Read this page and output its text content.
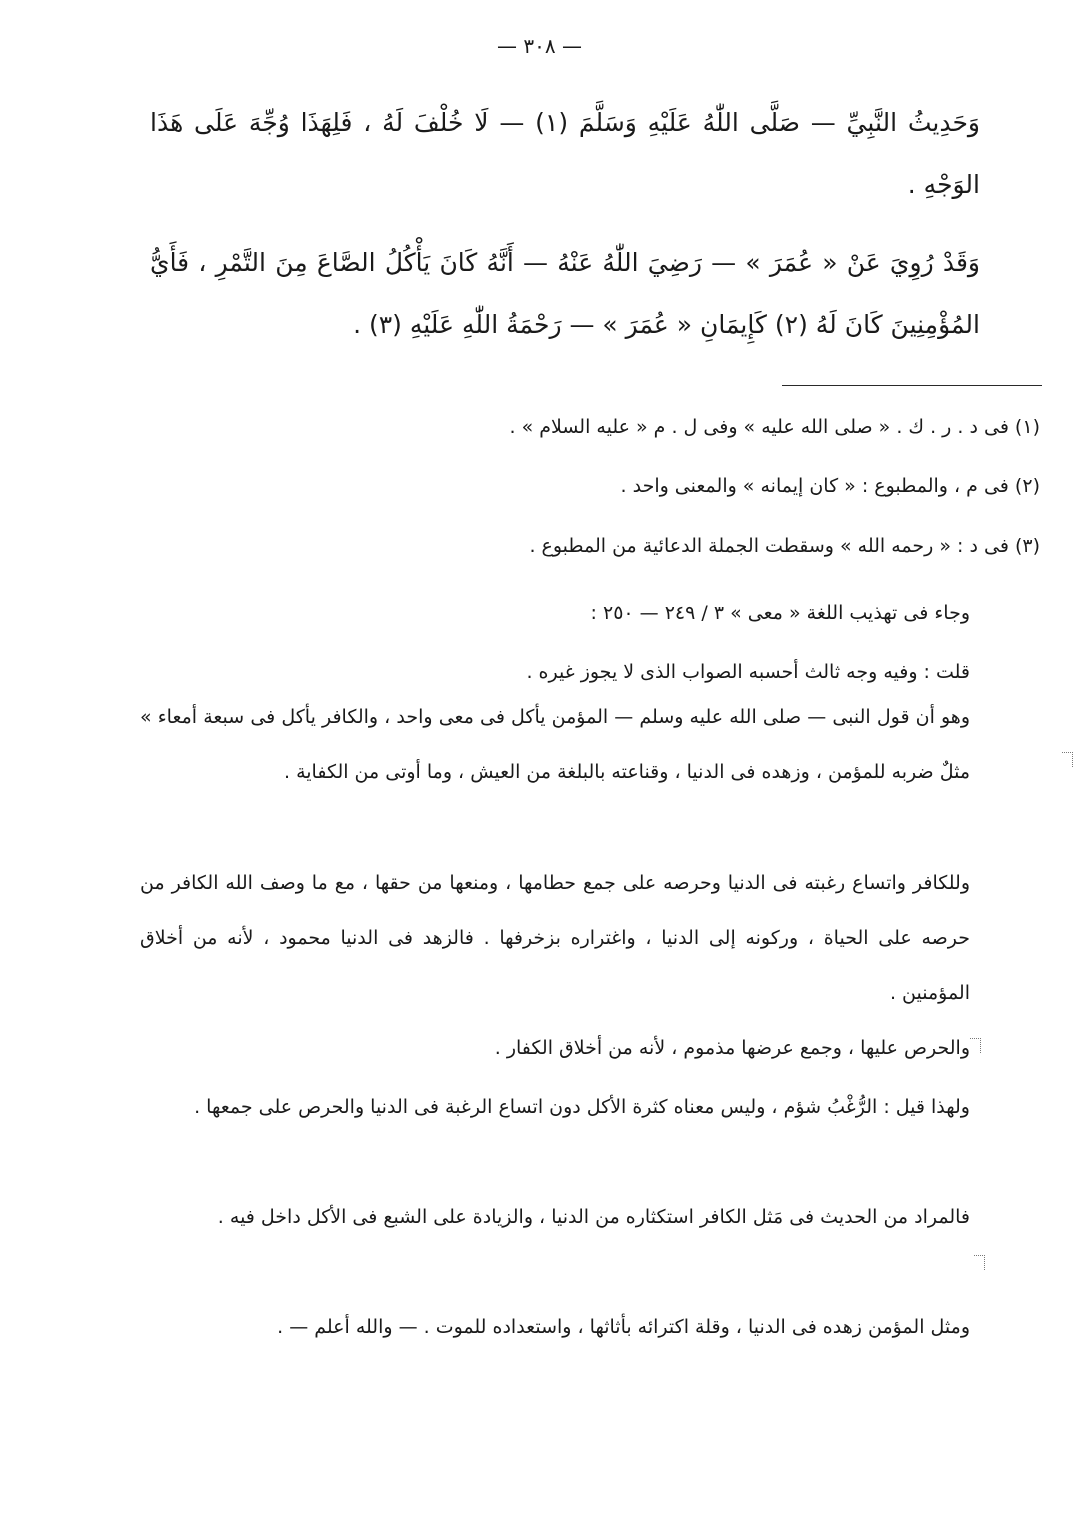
— ٣٠٨ —
وَحَدِيثُ النَّبِيِّ — صَلَّى اللّٰهُ عَلَيْهِ وَسَلَّمَ (١) — لَا خُلْفَ لَهُ ، فَلِهَذَا وُجِّهَ عَلَى هَذَا الوَجْهِ .
وَقَدْ رُوِيَ عَنْ « عُمَرَ » — رَضِيَ اللّٰهُ عَنْهُ — أَنَّهُ كَانَ يَأْكُلُ الصَّاعَ مِنَ التَّمْرِ ، فَأَيُّ المُؤْمِنِينَ كَانَ لَهُ (٢) كَإِيمَانِ « عُمَرَ » — رَحْمَةُ اللّٰهِ عَلَيْهِ (٣) .
(١) فى د . ر . ك . « صلى الله عليه » وفى ل . م « عليه السلام » .
(٢) فى م ، والمطبوع : « كان إيمانه » والمعنى واحد .
(٣) فى د : « رحمه الله » وسقطت الجملة الدعائية من المطبوع .
وجاء فى تهذيب اللغة « معى » ٣ / ٢٤٩ — ٢٥٠ :
قلت : وفيه وجه ثالث أحسبه الصواب الذى لا يجوز غيره .
وهو أن قول النبى — صلى الله عليه وسلم — المؤمن يأكل فى معى واحد ، والكافر يأكل فى سبعة أمعاء » مثلٌ ضربه للمؤمن ، وزهده فى الدنيا ، وقناعته بالبلغة من العيش ، وما أوتى من الكفاية .
وللكافر واتساع رغبته فى الدنيا وحرصه على جمع حطامها ، ومنعها من حقها ، مع ما وصف الله الكافر من حرصه على الحياة ، وركونه إلى الدنيا ، واغتراره بزخرفها . فالزهد فى الدنيا محمود ، لأنه من أخلاق المؤمنين .
والحرص عليها ، وجمع عرضها مذموم ، لأنه من أخلاق الكفار .
ولهذا قيل : الرُّغْبُ شؤم ، وليس معناه كثرة الأكل دون اتساع الرغبة فى الدنيا والحرص على جمعها .
فالمراد من الحديث فى مَثل الكافر استكثاره من الدنيا ، والزيادة على الشبع فى الأكل داخل فيه .
ومثل المؤمن زهده فى الدنيا ، وقلة اكترائه بأثاثها ، واستعداده للموت . — والله أعلم — .
